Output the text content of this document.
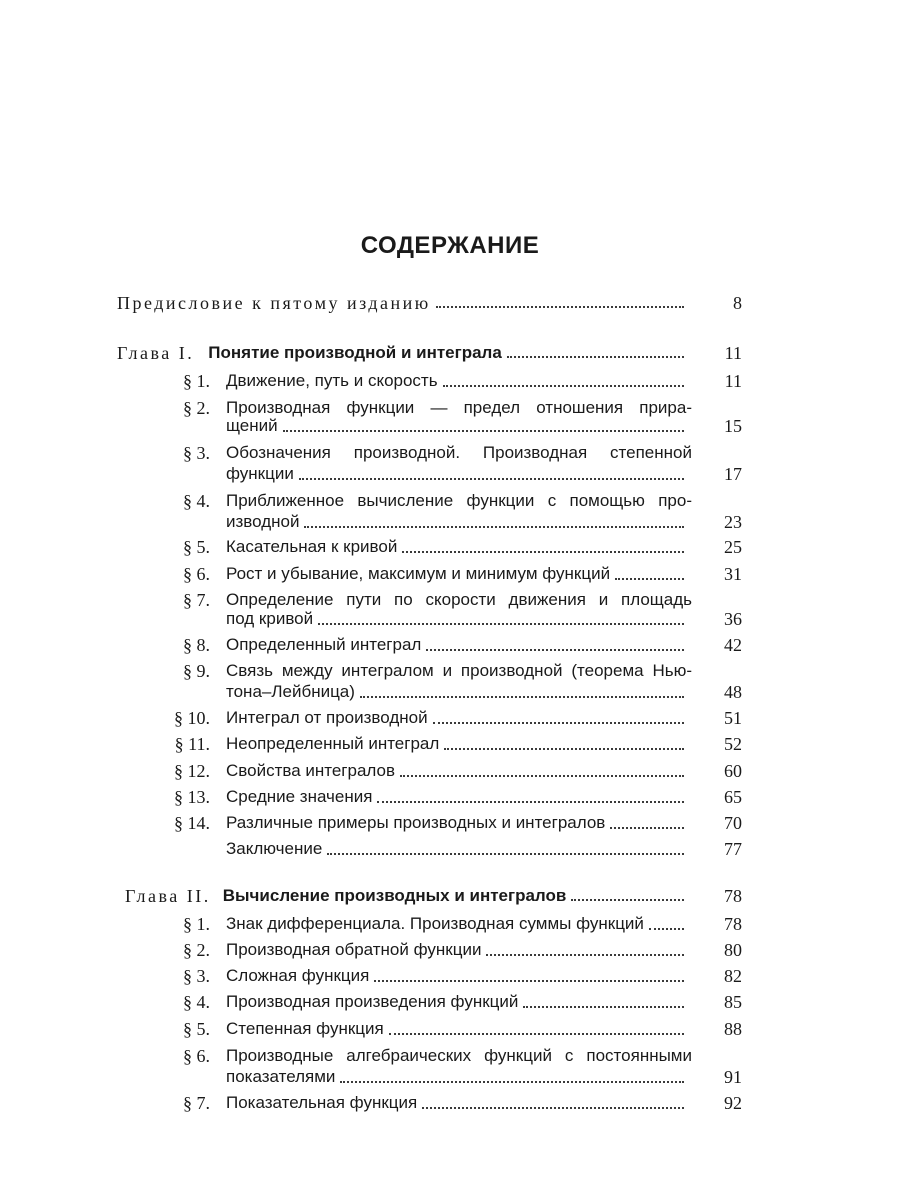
СОДЕРЖАНИЕ
Предисловие к пятому изданию	8
Глава I. Понятие производной и интеграла	11
§ 1. Движение, путь и скорость	11
§ 2. Производная функции — предел отношения прира-
щений	15
§ 3. Обозначения производной. Производная степенной
функции	17
§ 4. Приближенное вычисление функции с помощью про-
изводной	23
§ 5. Касательная к кривой	25
§ 6. Рост и убывание, максимум и минимум функций	31
§ 7. Определение пути по скорости движения и площадь
под кривой	36
§ 8. Определенный интеграл	42
§ 9. Связь между интегралом и производной (теорема Нью-
тона–Лейбница)	48
§ 10. Интеграл от производной	51
§ 11. Неопределенный интеграл	52
§ 12. Свойства интегралов	60
§ 13. Средние значения	65
§ 14. Различные примеры производных и интегралов	70
Заключение	77
Глава II. Вычисление производных и интегралов	78
§ 1. Знак дифференциала. Производная суммы функций	78
§ 2. Производная обратной функции	80
§ 3. Сложная функция	82
§ 4. Производная произведения функций	85
§ 5. Степенная функция	88
§ 6. Производные алгебраических функций с постоянными
показателями	91
§ 7. Показательная функция	92
